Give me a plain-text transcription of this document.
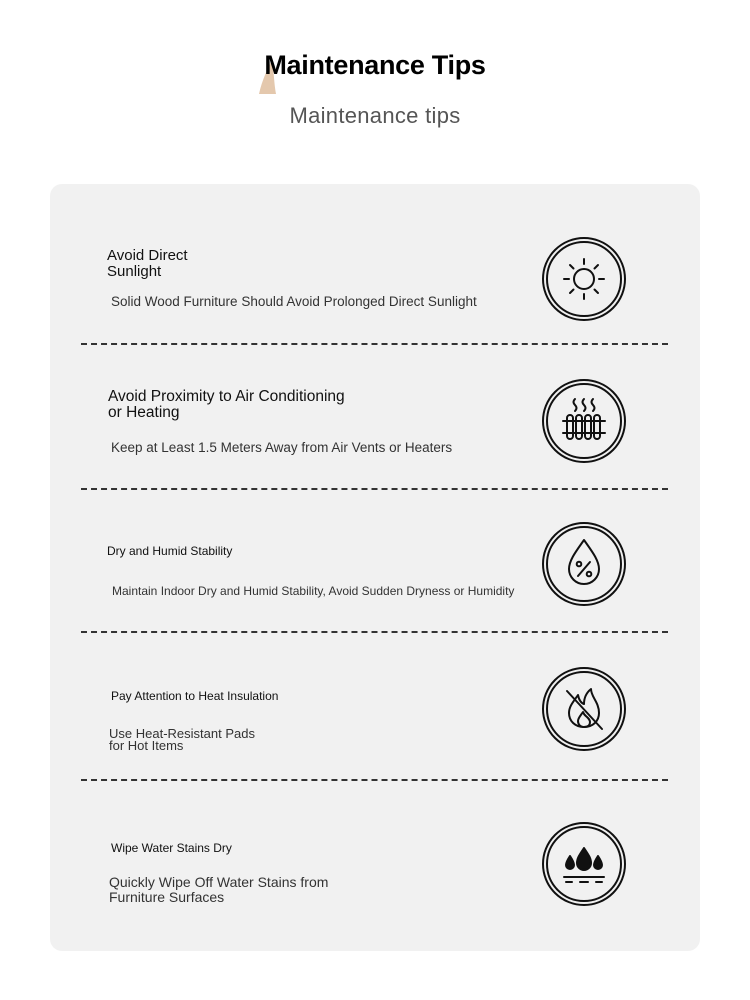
Maintenance Tips
Maintenance tips
Avoid Direct
Sunlight
Solid Wood Furniture Should Avoid Prolonged Direct Sunlight
Avoid Proximity to Air Conditioning
or Heating
Keep at Least 1.5 Meters Away from Air Vents or Heaters
Dry and Humid Stability
Maintain Indoor Dry and Humid Stability, Avoid Sudden Dryness or Humidity
Pay Attention to Heat Insulation
Use Heat-Resistant Pads
for Hot Items
Wipe Water Stains Dry
Quickly Wipe Off Water Stains from
Furniture Surfaces
